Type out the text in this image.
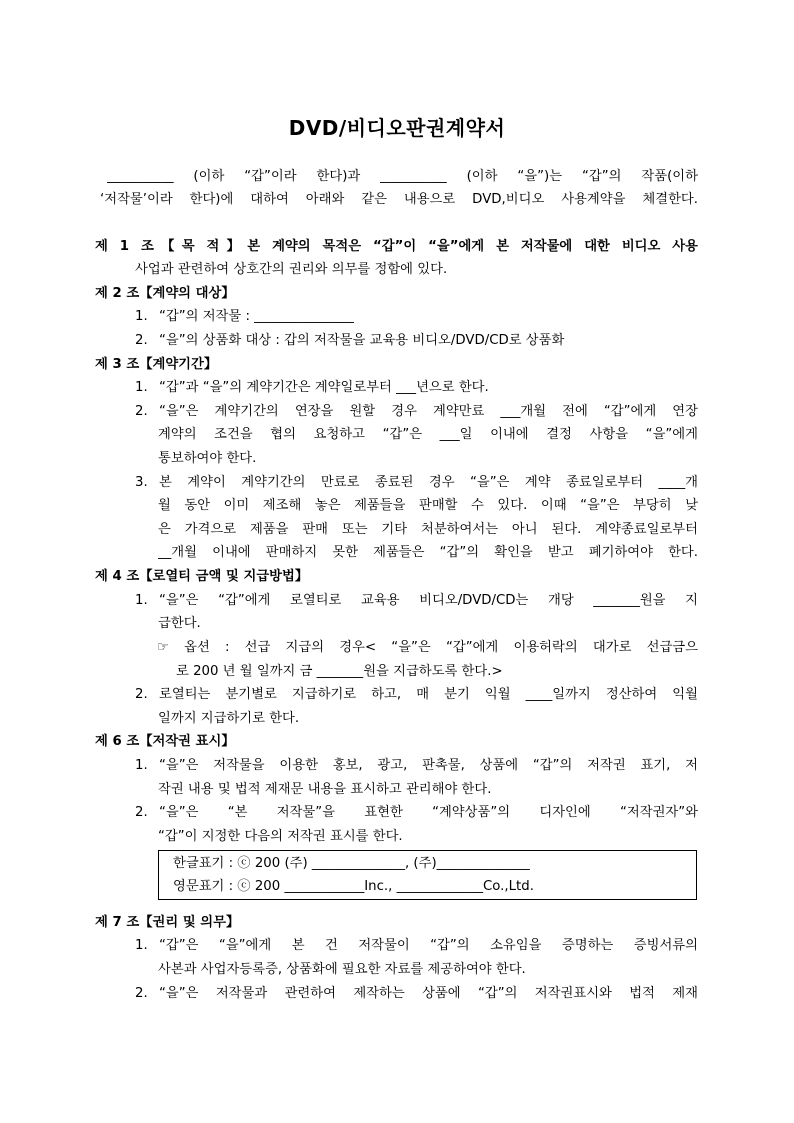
DVD/비디오판권계약서
__________ (이하 “갑”이라 한다)과 __________ (이하 “을”)는 “갑”의 작품(이하
‘저작물’이라 한다)에 대하여 아래와 같은 내용으로 DVD,비디오 사용계약을 체결한다.
제 1 조【목 적】본 계약의 목적은 “갑”이 “을”에게 본 저작물에 대한 비디오 사용
사업과 관련하여 상호간의 권리와 의무를 정함에 있다.
제 2 조【계약의 대상】
1. “갑”의 저작물 : _______________
2. “을”의 상품화 대상 : 갑의 저작물을 교육용 비디오/DVD/CD로 상품화
제 3 조【계약기간】
1. “갑”과 “을”의 계약기간은 계약일로부터 ___년으로 한다.
2. “을”은 계약기간의 연장을 원할 경우 계약만료 ___개월 전에 “갑”에게 연장
계약의 조건을 협의 요청하고 “갑”은 ___일 이내에 결정 사항을 “을”에게
통보하여야 한다.
3. 본 계약이 계약기간의 만료로 종료된 경우 “을”은 계약 종료일로부터 ____개
월 동안 이미 제조해 놓은 제품들을 판매할 수 있다. 이때 “을”은 부당히 낮
은 가격으로 제품을 판매 또는 기타 처분하여서는 아니 된다. 계약종료일로부터
__개월 이내에 판매하지 못한 제품들은 “갑”의 확인을 받고 폐기하여야 한다.
제 4 조【로열티 금액 및 지급방법】
1. “을”은 “갑”에게 로열티로 교육용 비디오/DVD/CD는 개당 _______원을 지
급한다.
☞ 옵션 : 선급 지급의 경우< “을”은 “갑”에게 이용허락의 대가로 선급금으
로 200 년 월 일까지 금 _______원을 지급하도록 한다.>
2. 로열티는 분기별로 지급하기로 하고, 매 분기 익월 ____일까지 정산하여 익월
일까지 지급하기로 한다.
제 6 조【저작권 표시】
1. “을”은 저작물을 이용한 홍보, 광고, 판촉물, 상품에 “갑”의 저작권 표기, 저
작권 내용 및 법적 제재문 내용을 표시하고 관리해야 한다.
2. “을”은 “본 저작물”을 표현한 “계약상품”의 디자인에 “저작권자”와
“갑”이 지정한 다음의 저작권 표시를 한다.
한글표기 : ⓒ 200 (주) ______________, (주)______________
영문표기 : ⓒ 200 ____________Inc., _____________Co.,Ltd.
제 7 조【권리 및 의무】
1. “갑”은 “을”에게 본 건 저작물이 “갑”의 소유임을 증명하는 증빙서류의
사본과 사업자등록증, 상품화에 필요한 자료를 제공하여야 한다.
2. “을”은 저작물과 관련하여 제작하는 상품에 “갑”의 저작권표시와 법적 제재
